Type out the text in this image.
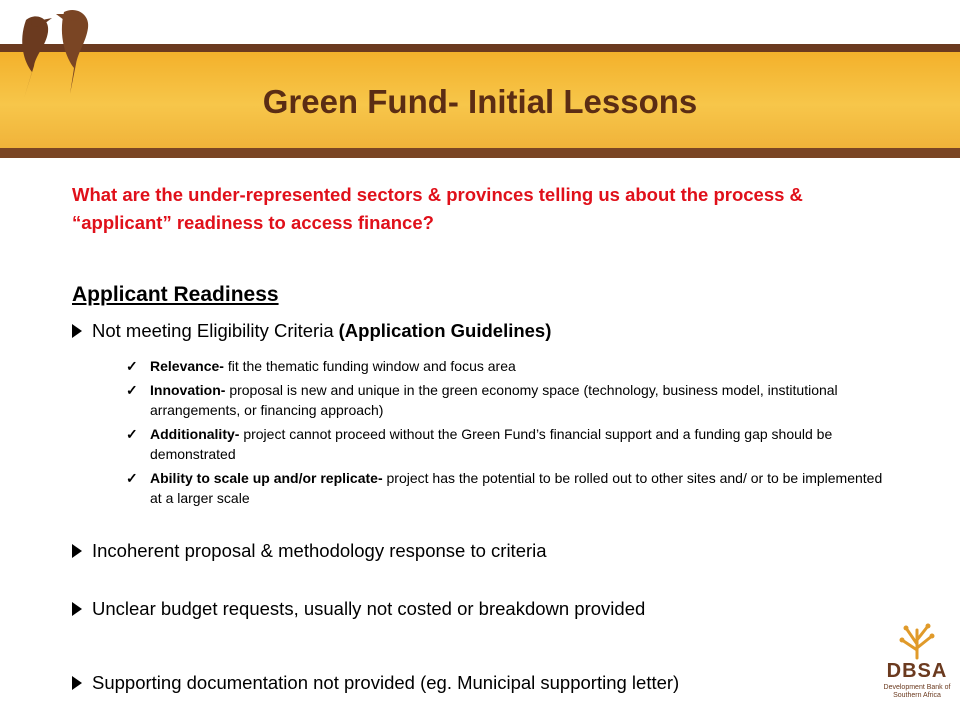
Green Fund- Initial Lessons
What are the under-represented sectors & provinces telling us about the process & “applicant” readiness to access finance?
Applicant Readiness
Not meeting Eligibility Criteria (Application Guidelines)
✓ Relevance- fit the thematic funding window and focus area
✓ Innovation- proposal is new and unique in the green economy space (technology, business model, institutional arrangements, or financing approach)
✓ Additionality- project cannot proceed without the Green Fund’s financial support and a funding gap should be demonstrated
✓ Ability to scale up and/or replicate- project has the potential to be rolled out to other sites and/ or to be implemented at a larger scale
Incoherent proposal & methodology response to criteria
Unclear budget requests, usually not costed or breakdown provided
Supporting documentation not provided (eg. Municipal supporting letter)
DBSA
Development Bank of Southern Africa
